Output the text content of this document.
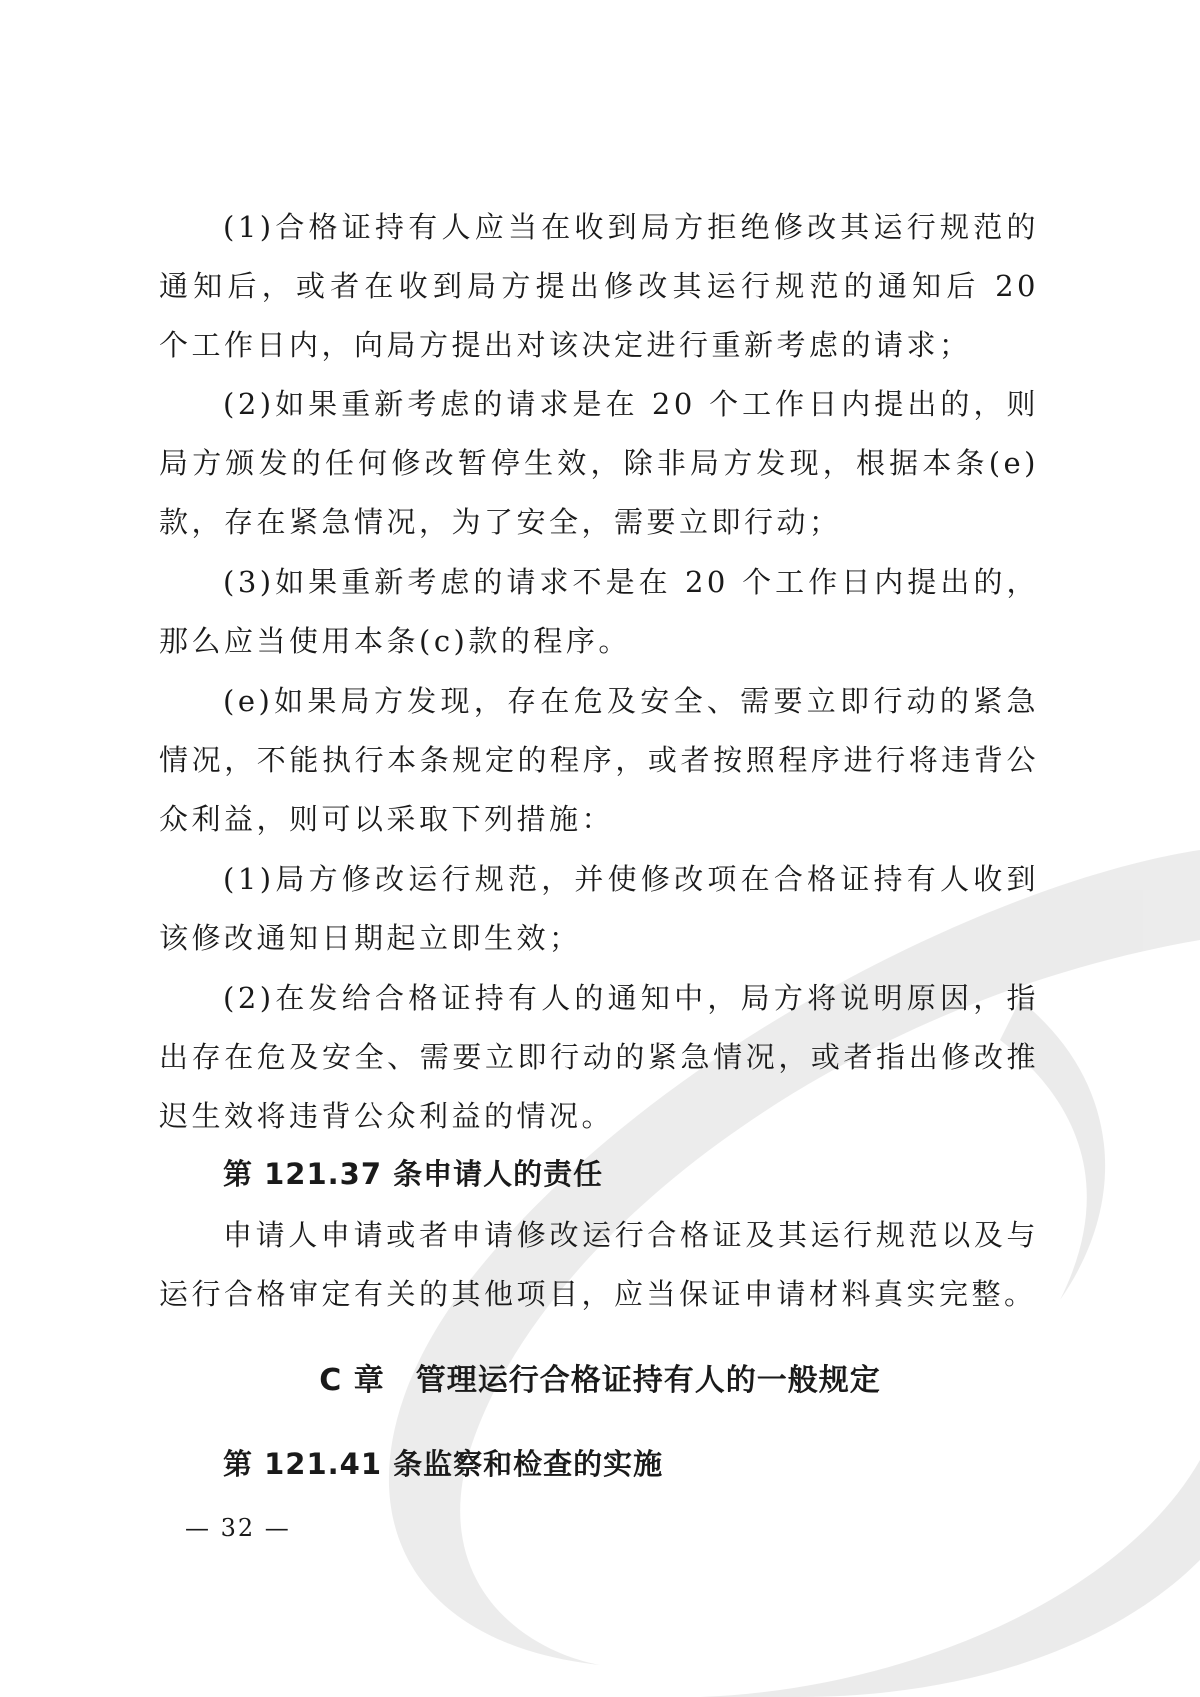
(1)合格证持有人应当在收到局方拒绝修改其运行规范的通知后，或者在收到局方提出修改其运行规范的通知后 20 个工作日内，向局方提出对该决定进行重新考虑的请求；

(2)如果重新考虑的请求是在 20 个工作日内提出的，则局方颁发的任何修改暂停生效，除非局方发现，根据本条(e)款，存在紧急情况，为了安全，需要立即行动；

(3)如果重新考虑的请求不是在 20 个工作日内提出的，那么应当使用本条(c)款的程序。

(e)如果局方发现，存在危及安全、需要立即行动的紧急情况，不能执行本条规定的程序，或者按照程序进行将违背公众利益，则可以采取下列措施：

(1)局方修改运行规范，并使修改项在合格证持有人收到该修改通知日期起立即生效；

(2)在发给合格证持有人的通知中，局方将说明原因，指出存在危及安全、需要立即行动的紧急情况，或者指出修改推迟生效将违背公众利益的情况。

第 121.37 条申请人的责任

申请人申请或者申请修改运行合格证及其运行规范以及与运行合格审定有关的其他项目，应当保证申请材料真实完整。

C 章　管理运行合格证持有人的一般规定

第 121.41 条监察和检查的实施

— 32 —
